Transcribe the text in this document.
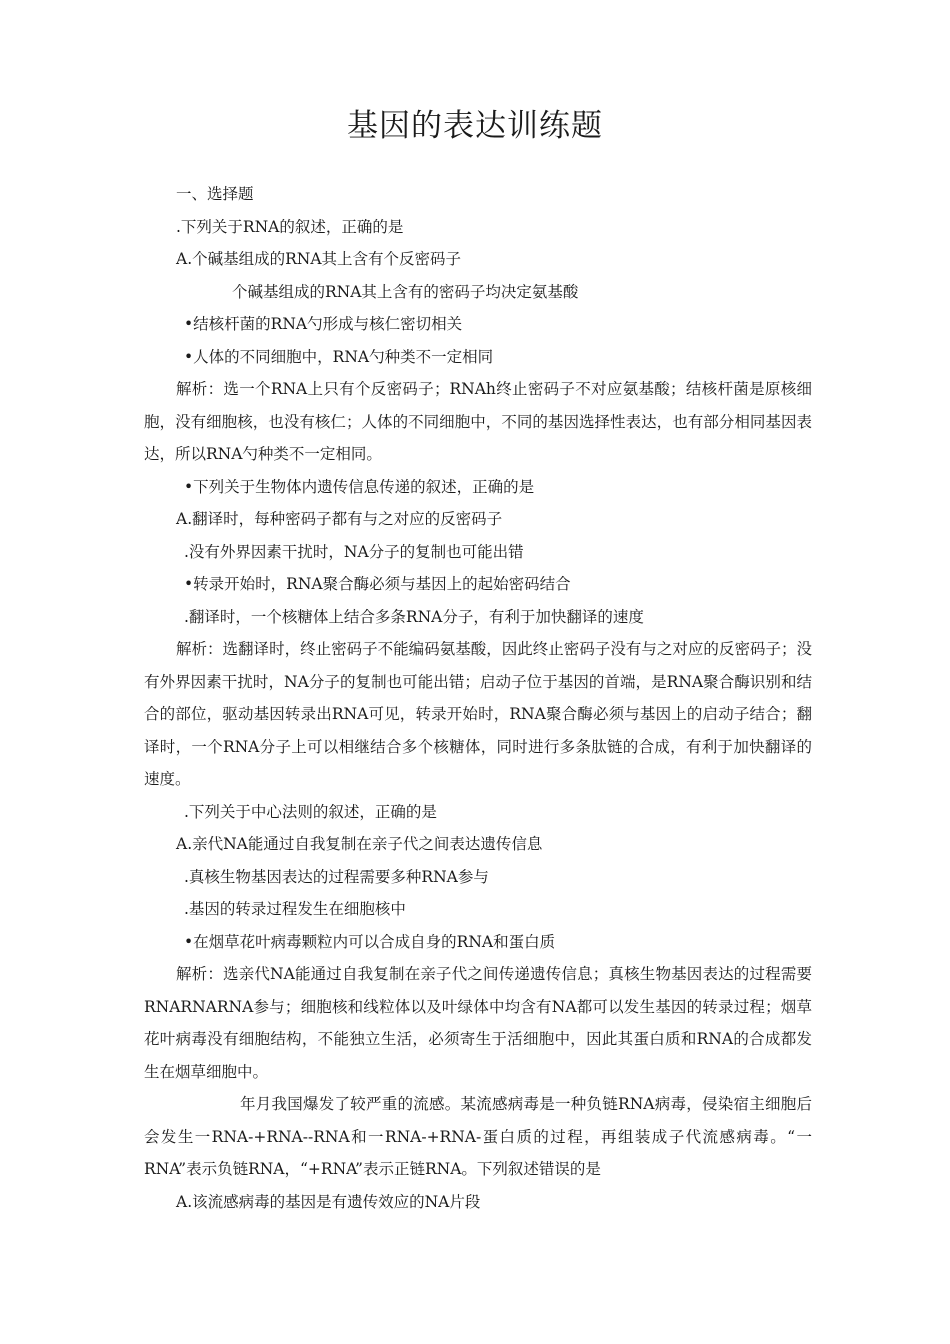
基因的表达训练题

一、选择题

.下列关于RNA的叙述，正确的是

A.个碱基组成的RNA其上含有个反密码子

个碱基组成的RNA其上含有的密码子均决定氨基酸

•结核杆菌的RNA勺形成与核仁密切相关

•人体的不同细胞中，RNA勺种类不一定相同

解析：选一个RNA上只有个反密码子；RNAh终止密码子不对应氨基酸；结核杆菌是原核细胞，没有细胞核，也没有核仁；人体的不同细胞中，不同的基因选择性表达，也有部分相同基因表达，所以RNA勺种类不一定相同。

•下列关于生物体内遗传信息传递的叙述，正确的是

A.翻译时，每种密码子都有与之对应的反密码子

.没有外界因素干扰时，NA分子的复制也可能出错

•转录开始时，RNA聚合酶必须与基因上的起始密码结合

.翻译时，一个核糖体上结合多条RNA分子，有利于加快翻译的速度

解析：选翻译时，终止密码子不能编码氨基酸，因此终止密码子没有与之对应的反密码子；没有外界因素干扰时，NA分子的复制也可能出错；启动子位于基因的首端，是RNA聚合酶识别和结合的部位，驱动基因转录出RNA可见，转录开始时，RNA聚合酶必须与基因上的启动子结合；翻译时，一个RNA分子上可以相继结合多个核糖体，同时进行多条肽链的合成，有利于加快翻译的速度。

.下列关于中心法则的叙述，正确的是

A.亲代NA能通过自我复制在亲子代之间表达遗传信息

.真核生物基因表达的过程需要多种RNA参与

.基因的转录过程发生在细胞核中

•在烟草花叶病毒颗粒内可以合成自身的RNA和蛋白质

解析：选亲代NA能通过自我复制在亲子代之间传递遗传信息；真核生物基因表达的过程需要RNARNARNA参与；细胞核和线粒体以及叶绿体中均含有NA都可以发生基因的转录过程；烟草花叶病毒没有细胞结构，不能独立生活，必须寄生于活细胞中，因此其蛋白质和RNA的合成都发生在烟草细胞中。

年月我国爆发了较严重的流感。某流感病毒是一种负链RNA病毒，侵染宿主细胞后会发生一RNA-+RNA--RNA和一RNA-+RNA-蛋白质的过程，再组装成子代流感病毒。“一RNA”表示负链RNA，“+RNA”表示正链RNA。下列叙述错误的是

A.该流感病毒的基因是有遗传效应的NA片段
